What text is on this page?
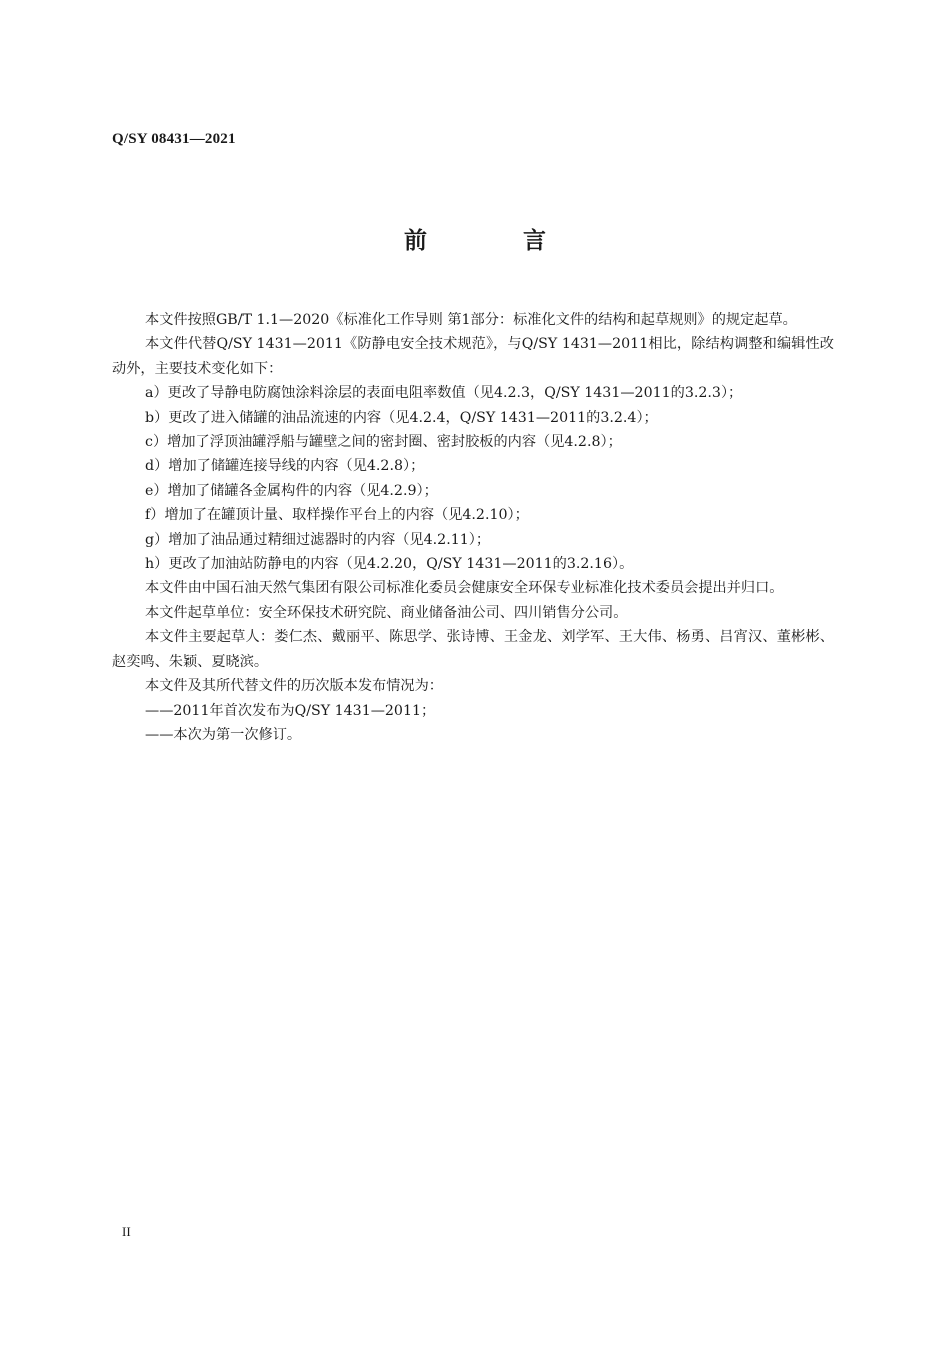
Q/SY 08431—2021
前 言

本文件按照GB/T 1.1—2020《标准化工作导则 第1部分：标准化文件的结构和起草规则》的规定起草。

本文件代替Q/SY 1431—2011《防静电安全技术规范》，与Q/SY 1431—2011相比，除结构调整和编辑性改动外，主要技术变化如下：

a）更改了导静电防腐蚀涂料涂层的表面电阻率数值（见4.2.3，Q/SY 1431—2011的3.2.3）；

b）更改了进入储罐的油品流速的内容（见4.2.4，Q/SY 1431—2011的3.2.4）；

c）增加了浮顶油罐浮船与罐壁之间的密封圈、密封胶板的内容（见4.2.8）；

d）增加了储罐连接导线的内容（见4.2.8）；

e）增加了储罐各金属构件的内容（见4.2.9）；

f）增加了在罐顶计量、取样操作平台上的内容（见4.2.10）；

g）增加了油品通过精细过滤器时的内容（见4.2.11）；

h）更改了加油站防静电的内容（见4.2.20，Q/SY 1431—2011的3.2.16）。

本文件由中国石油天然气集团有限公司标准化委员会健康安全环保专业标准化技术委员会提出并归口。

本文件起草单位：安全环保技术研究院、商业储备油公司、四川销售分公司。

本文件主要起草人：娄仁杰、戴丽平、陈思学、张诗博、王金龙、刘学军、王大伟、杨勇、吕宵汉、董彬彬、赵奕鸣、朱颖、夏晓滨。

本文件及其所代替文件的历次版本发布情况为：

——2011年首次发布为Q/SY 1431—2011；

——本次为第一次修订。

II
